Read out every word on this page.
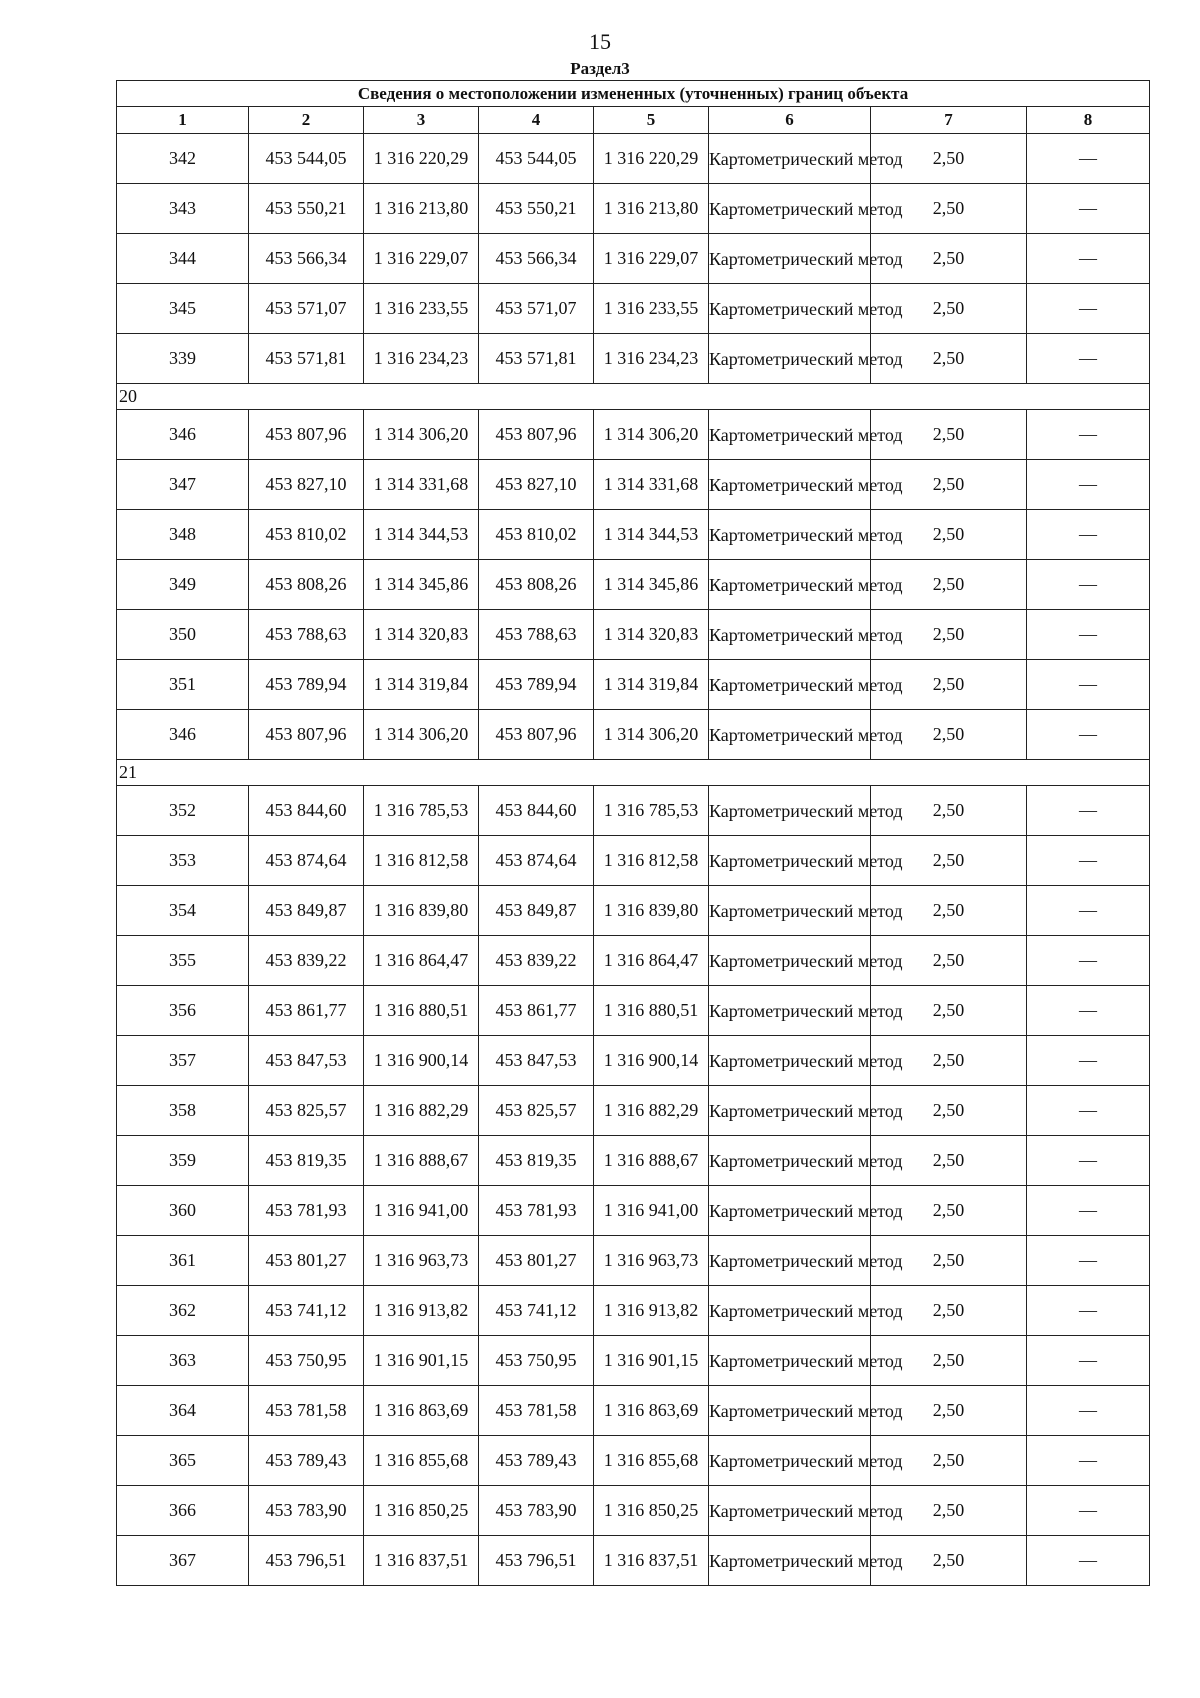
15
Раздел3
Сведения о местоположении измененных (уточненных) границ объекта							
1	2	3	4	5	6	7	8
342	453 544,05	1 316 220,29	453 544,05	1 316 220,29	Картометрический метод	2,50	—
343	453 550,21	1 316 213,80	453 550,21	1 316 213,80	Картометрический метод	2,50	—
344	453 566,34	1 316 229,07	453 566,34	1 316 229,07	Картометрический метод	2,50	—
345	453 571,07	1 316 233,55	453 571,07	1 316 233,55	Картометрический метод	2,50	—
339	453 571,81	1 316 234,23	453 571,81	1 316 234,23	Картометрический метод	2,50	—
20							
346	453 807,96	1 314 306,20	453 807,96	1 314 306,20	Картометрический метод	2,50	—
347	453 827,10	1 314 331,68	453 827,10	1 314 331,68	Картометрический метод	2,50	—
348	453 810,02	1 314 344,53	453 810,02	1 314 344,53	Картометрический метод	2,50	—
349	453 808,26	1 314 345,86	453 808,26	1 314 345,86	Картометрический метод	2,50	—
350	453 788,63	1 314 320,83	453 788,63	1 314 320,83	Картометрический метод	2,50	—
351	453 789,94	1 314 319,84	453 789,94	1 314 319,84	Картометрический метод	2,50	—
346	453 807,96	1 314 306,20	453 807,96	1 314 306,20	Картометрический метод	2,50	—
21							
352	453 844,60	1 316 785,53	453 844,60	1 316 785,53	Картометрический метод	2,50	—
353	453 874,64	1 316 812,58	453 874,64	1 316 812,58	Картометрический метод	2,50	—
354	453 849,87	1 316 839,80	453 849,87	1 316 839,80	Картометрический метод	2,50	—
355	453 839,22	1 316 864,47	453 839,22	1 316 864,47	Картометрический метод	2,50	—
356	453 861,77	1 316 880,51	453 861,77	1 316 880,51	Картометрический метод	2,50	—
357	453 847,53	1 316 900,14	453 847,53	1 316 900,14	Картометрический метод	2,50	—
358	453 825,57	1 316 882,29	453 825,57	1 316 882,29	Картометрический метод	2,50	—
359	453 819,35	1 316 888,67	453 819,35	1 316 888,67	Картометрический метод	2,50	—
360	453 781,93	1 316 941,00	453 781,93	1 316 941,00	Картометрический метод	2,50	—
361	453 801,27	1 316 963,73	453 801,27	1 316 963,73	Картометрический метод	2,50	—
362	453 741,12	1 316 913,82	453 741,12	1 316 913,82	Картометрический метод	2,50	—
363	453 750,95	1 316 901,15	453 750,95	1 316 901,15	Картометрический метод	2,50	—
364	453 781,58	1 316 863,69	453 781,58	1 316 863,69	Картометрический метод	2,50	—
365	453 789,43	1 316 855,68	453 789,43	1 316 855,68	Картометрический метод	2,50	—
366	453 783,90	1 316 850,25	453 783,90	1 316 850,25	Картометрический метод	2,50	—
367	453 796,51	1 316 837,51	453 796,51	1 316 837,51	Картометрический метод	2,50	—
